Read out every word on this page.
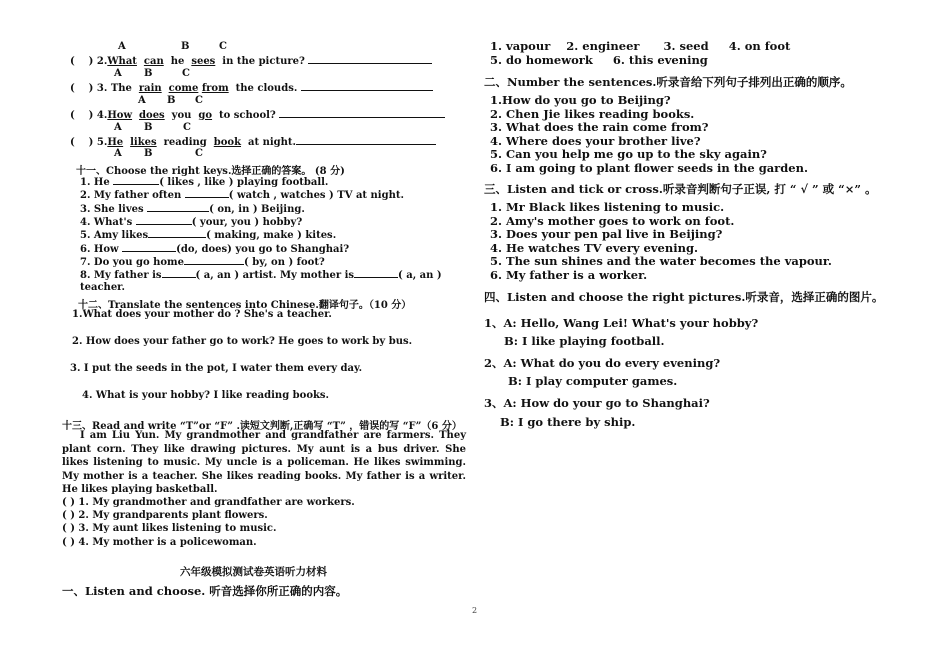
A	B	C
(    ) 2.What can he sees in the picture?
A B	C
(    ) 3. The rain come from the clouds.
A B C
(    ) 4.How does you go to school?
A B	C
(    ) 5.He likes reading book at night.
A B	C
十一、Choose the right keys.选择正确的答案。 (8 分)
1. He	( likes , like ) playing football.
2. My father often	( watch , watches ) TV at night.
3. She lives	( on, in ) Beijing.
4. What's	( your, you ) hobby?
5. Amy likes	( making, make ) kites.
6. How	(do, does) you go to Shanghai?
7. Do you go home	( by, on ) foot?
8. My father is	( a, an ) artist. My mother is	( a, an )
teacher.
十二、Translate the sentences into Chinese.翻译句子。（10 分）
1.What does your mother do ? She's a teacher.
2. How does your father go to work? He goes to work by bus.
3. I put the seeds in the pot, I water them every day.
4. What is your hobby? I like reading books.
十三、Read and write “T”or “F” .读短文判断,正确写 “T” ，错误的写 “F”（6 分）
I am Liu Yun. My grandmother and grandfather are farmers. They plant corn. They like drawing pictures. My aunt is a bus driver. She likes listening to music. My uncle is a policeman. He likes swimming. My mother is a teacher. She likes reading books. My father is a writer. He likes playing basketball.
( ) 1. My grandmother and grandfather are workers.
( ) 2. My grandparents plant flowers.
( ) 3. My aunt likes listening to music.
( ) 4. My mother is a policewoman.
六年级模拟测试卷英语听力材料
一、Listen and choose. 听音选择你所正确的内容。
1. vapour 2. engineer 3. seed 4. on foot
5. do homework 6. this evening
二、Number the sentences.听录音给下列句子排列出正确的顺序。
1.How do you go to Beijing?
2. Chen Jie likes reading books.
3. What does the rain come from?
4. Where does your brother live?
5. Can you help me go up to the sky again?
6. I am going to plant flower seeds in the garden.
三、Listen and tick or cross.听录音判断句子正误, 打 “ √ ” 或 “×” 。
1. Mr Black likes listening to music.
2. Amy's mother goes to work on foot.
3. Does your pen pal live in Beijing?
4. He watches TV every evening.
5. The sun shines and the water becomes the vapour.
6. My father is a worker.
四、Listen and choose the right pictures.听录音，选择正确的图片。
1、A: Hello, Wang Lei! What's your hobby?
B: I like playing football.
2、A: What do you do every evening?
B: I play computer games.
3、A: How do your go to Shanghai?
B: I go there by ship.
2
